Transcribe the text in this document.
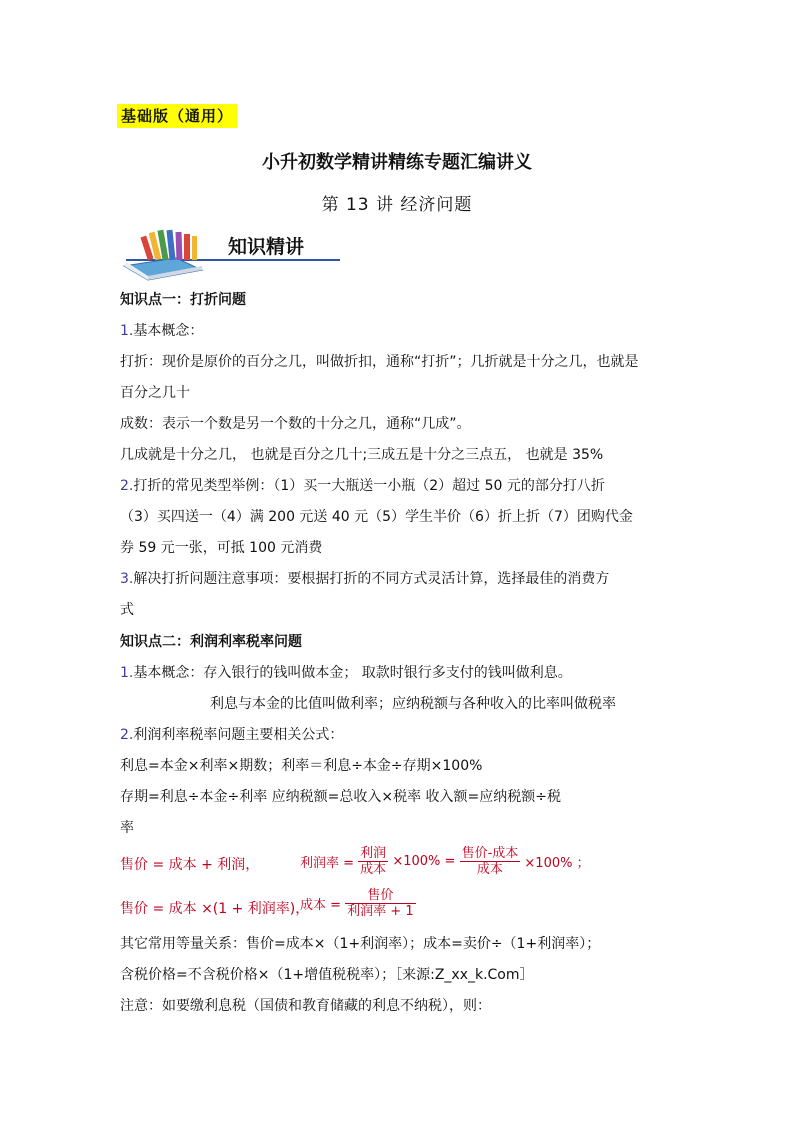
基础版（通用）
小升初数学精讲精练专题汇编讲义
第 13 讲 经济问题
知识精讲
知识点一：打折问题
1.基本概念：
打折：现价是原价的百分之几，叫做折扣，通称“打折”；几折就是十分之几，也就是
百分之几十
成数：表示一个数是另一个数的十分之几，通称“几成”。
几成就是十分之几， 也就是百分之几十;三成五是十分之三点五， 也就是 35%
2.打折的常见类型举例：（1）买一大瓶送一小瓶（2）超过 50 元的部分打八折
（3）买四送一（4）满 200 元送 40 元（5）学生半价（6）折上折（7）团购代金
券 59 元一张，可抵 100 元消费
3.解决打折问题注意事项：要根据打折的不同方式灵活计算，选择最佳的消费方
式
知识点二：利润利率税率问题
1.基本概念：存入银行的钱叫做本金； 取款时银行多支付的钱叫做利息。
利息与本金的比值叫做利率；应纳税额与各种收入的比率叫做税率
2.利润利率税率问题主要相关公式：
利息=本金×利率×期数；利率＝利息÷本金÷存期×100%
存期=利息÷本金÷利率 应纳税额=总收入×税率 收入额=应纳税额÷税
率
售价 = 成本 + 利润，	利润率 = $\frac{\text{利润}}{\text{成本}} \times 100\% = \frac{\text{售价-成本}}{\text{成本}} \times 100\%$ ；
售价 = 成本 ×(1 + 利润率)，
成本 = $\frac{\text{售价}}{\text{利润率 + 1}}$
其它常用等量关系：售价=成本×（1+利润率）；成本=卖价÷（1+利润率）；
含税价格=不含税价格×（1+增值税税率）；［来源:Z_xx_k.Com］
注意：如要缴利息税（国债和教育储藏的利息不纳税），则：
